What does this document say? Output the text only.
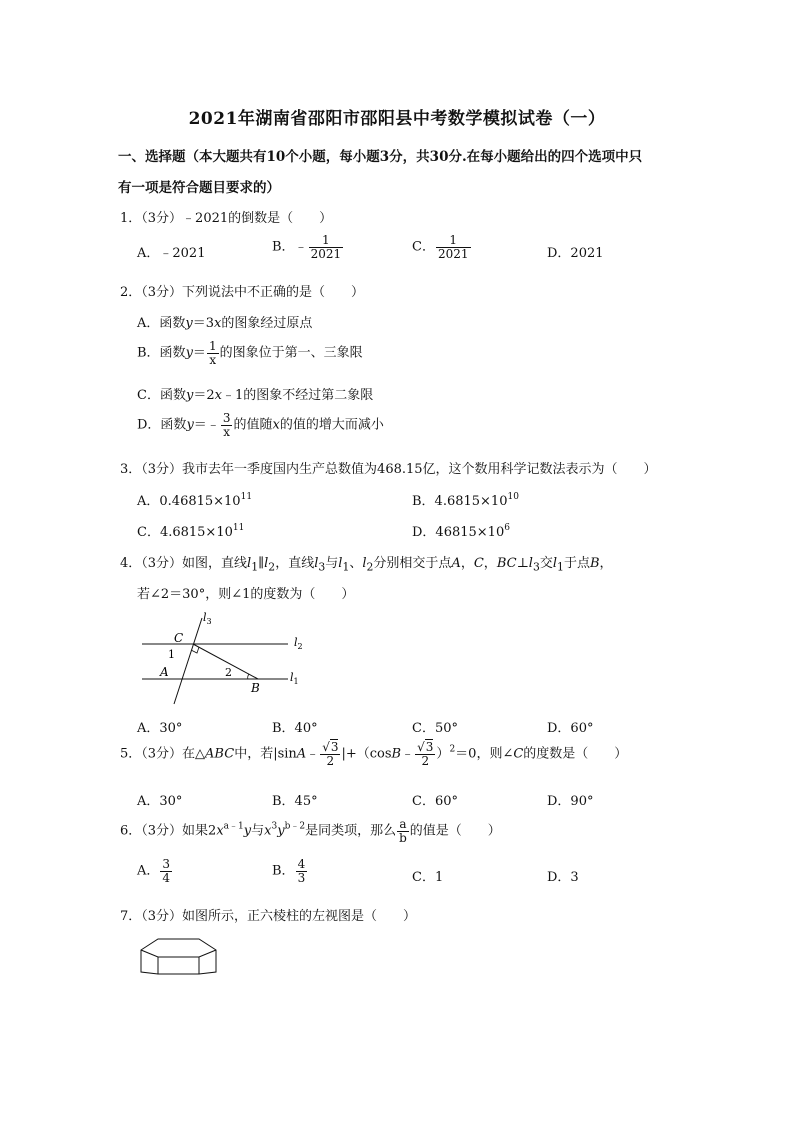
2021年湖南省邵阳市邵阳县中考数学模拟试卷（一）
一、选择题（本大题共有10个小题，每小题3分，共30分.在每小题给出的四个选项中只
有一项是符合题目要求的）
1．（3分）﹣2021的倒数是（　　）
A．﹣2021	B．﹣ $\frac{1}{2021}$	C． $\frac{1}{2021}$	D．2021
2．（3分）下列说法中不正确的是（　　）
A．函数y＝3x的图象经过原点
B．函数$y= \frac{1}{x}$ 的图象位于第一、三象限
C．函数y＝2x﹣1的图象不经过第二象限
D．函数y＝﹣ $\frac{3}{x}$ 的值随x的值的增大而减小
3．（3分）我市去年一季度国内生产总数值为468.15亿，这个数用科学记数法表示为（　　）
A．$0.46815\times 10^{11}$	B．$4.6815\times 10^{10}$
C．$4.6815\times 10^{11}$	D．$46815\times 10^6$
4．（3分）如图，直线$l_1\parallel l_2$，直线$l_3$与$l_1$、$l_2$分别相交于点A，C，$BC\perp l_3$交$l_1$于点B，
若∠2＝30°，则∠1的度数为（　　）
$l_3$
$l_2$
$l_1$
C
A
B
1
2
A．30°	B．40°	C．50°	D．60°
5．（3分）在△ABC中，若|sinA﹣ $\frac{√3}{2}$ |+（cosB﹣ $\frac{√3}{2} )^2=0$，则∠C的度数是（　　）
A．30°	B．45°	C．60°	D．90°
6．（3分）如果$2x^{a﹣1}y$与$x^3y^{b﹣2}$是同类项，那么 $\frac{a}{b}$ 的值是（　　）
A． $\frac{3}{4}$	B． $\frac{4}{3}$	C．1	D．3
7．（3分）如图所示，正六棱柱的左视图是（　　）
